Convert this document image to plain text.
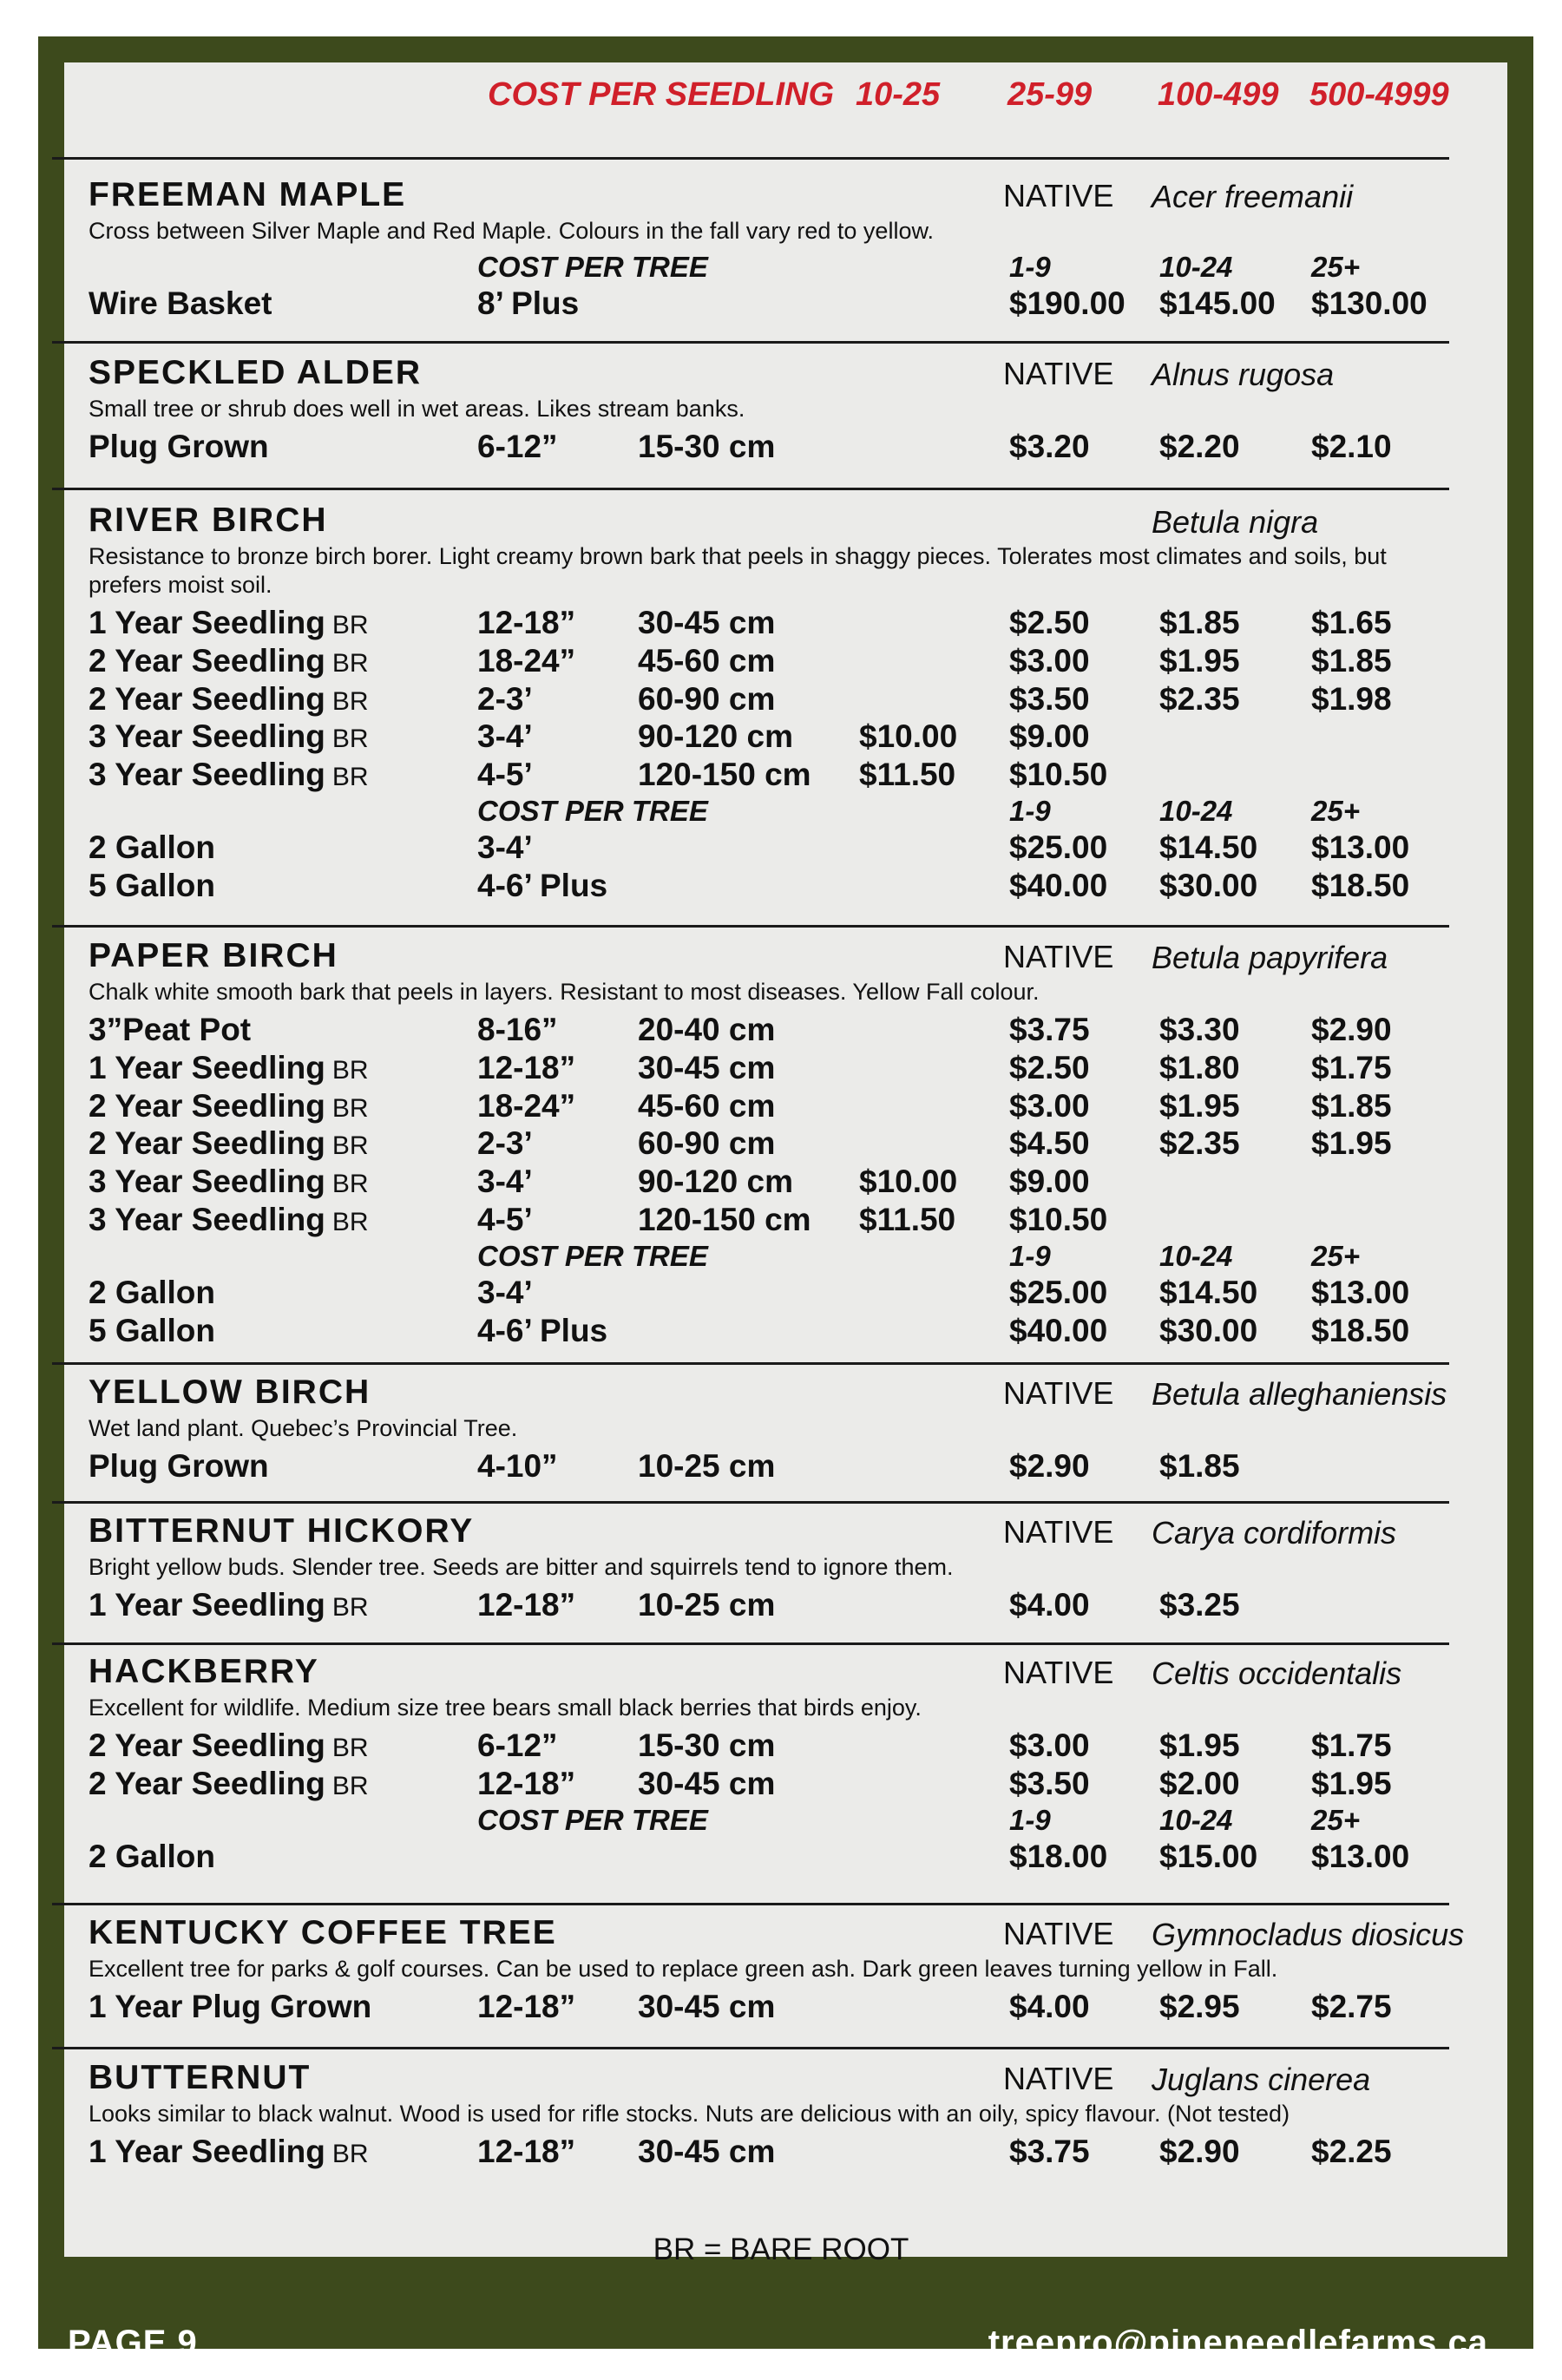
COST PER SEEDLING 10-25 25-99 100-499 500-4999
FREEMAN MAPLE	NATIVE Acer freemanii
Cross between Silver Maple and Red Maple. Colours in the fall vary red to yellow.
COST PER TREE	1-9	10-24	25+
Wire Basket	8’ Plus	$190.00 $145.00 $130.00
SPECKLED ALDER	NATIVE Alnus rugosa
Small tree or shrub does well in wet areas. Likes stream banks.
Plug Grown	6-12” 15-30 cm	$3.20 $2.20 $2.10
RIVER BIRCH	Betula nigra
Resistance to bronze birch borer. Light creamy brown bark that peels in shaggy pieces. Tolerates most climates and soils, but prefers moist soil.
1 Year Seedling BR	12-18” 30-45 cm	$2.50 $1.85 $1.65
2 Year Seedling BR	18-24” 45-60 cm	$3.00 $1.95 $1.85
2 Year Seedling BR	2-3’	60-90 cm	$3.50 $2.35 $1.98
3 Year Seedling BR	3-4’	90-120 cm $10.00 $9.00
3 Year Seedling BR	4-5’	120-150 cm $11.50 $10.50
COST PER TREE	1-9	10-24	25+
2 Gallon	3-4’	$25.00 $14.50 $13.00
5 Gallon	4-6’ Plus	$40.00 $30.00 $18.50
PAPER BIRCH	NATIVE Betula papyrifera
Chalk white smooth bark that peels in layers. Resistant to most diseases. Yellow Fall colour.
3”Peat Pot	8-16” 20-40 cm	$3.75 $3.30 $2.90
1 Year Seedling BR	12-18” 30-45 cm	$2.50 $1.80 $1.75
2 Year Seedling BR	18-24” 45-60 cm	$3.00 $1.95 $1.85
2 Year Seedling BR	2-3’	60-90 cm	$4.50 $2.35 $1.95
3 Year Seedling BR	3-4’	90-120 cm $10.00 $9.00
3 Year Seedling BR	4-5’	120-150 cm $11.50 $10.50
COST PER TREE	1-9	10-24	25+
2 Gallon	3-4’	$25.00 $14.50 $13.00
5 Gallon	4-6’ Plus	$40.00 $30.00 $18.50
YELLOW BIRCH	NATIVE Betula alleghaniensis
Wet land plant. Quebec’s Provincial Tree.
Plug Grown	4-10” 10-25 cm	$2.90 $1.85
BITTERNUT HICKORY	NATIVE Carya cordiformis
Bright yellow buds. Slender tree. Seeds are bitter and squirrels tend to ignore them.
1 Year Seedling BR	12-18” 10-25 cm	$4.00 $3.25
HACKBERRY	NATIVE Celtis occidentalis
Excellent for wildlife. Medium size tree bears small black berries that birds enjoy.
2 Year Seedling BR	6-12” 15-30 cm	$3.00 $1.95 $1.75
2 Year Seedling BR	12-18” 30-45 cm	$3.50 $2.00 $1.95
COST PER TREE	1-9	10-24	25+
2 Gallon	$18.00 $15.00 $13.00
KENTUCKY COFFEE TREE	NATIVE Gymnocladus diosicus
Excellent tree for parks & golf courses. Can be used to replace green ash. Dark green leaves turning yellow in Fall.
1 Year Plug Grown	12-18” 30-45 cm	$4.00 $2.95 $2.75
BUTTERNUT	NATIVE Juglans cinerea
Looks similar to black walnut. Wood is used for rifle stocks. Nuts are delicious with an oily, spicy flavour. (Not tested)
1 Year Seedling BR	12-18” 30-45 cm	$3.75 $2.90 $2.25
BR = BARE ROOT
PAGE 9	treepro@pineneedlefarms.ca
